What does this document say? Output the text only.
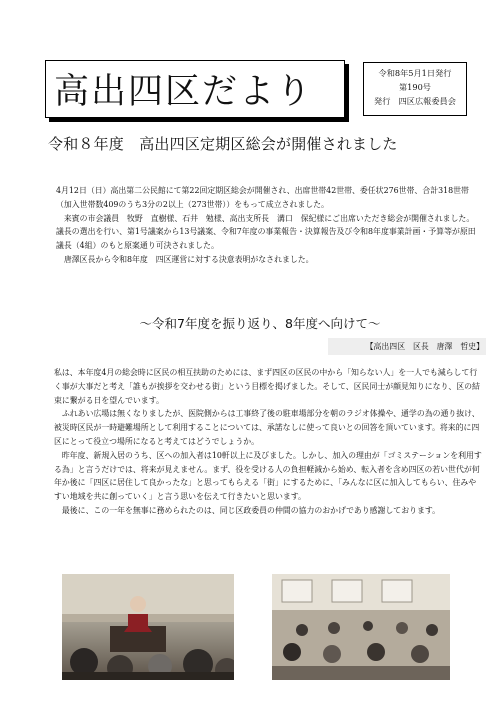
高出四区だより	令和8年5月1日発行
第190号
発行　四区広報委員会
令和８年度　高出四区定期区総会が開催されました

4月12日（日）高出第二公民館にて第22回定期区総会が開催され、出席世帯42世帯、委任状276世帯、合計318世帯（加入世帯数409のうち3分の2以上（273世帯））をもって成立されました。

来賓の市会議員　牧野　直樹様、石井　勉様、高出支所長　溝口　保紀様にご出席いただき総会が開催されました。

議長の選出を行い、第1号議案から13号議案、令和7年度の事業報告・決算報告及び令和8年度事業計画・予算等が原田議長（4組）のもと原案通り可決されました。

唐澤区長から令和8年度　四区運営に対する決意表明がなされました。

～令和7年度を振り返り、8年度へ向けて～
【高出四区　区長　唐澤　哲史】

私は、本年度4月の総会時に区民の相互扶助のためには、まず四区の区民の中から「知らない人」を一人でも減らして行く事が大事だと考え「誰もが挨拶を交わせる街」という目標を掲げました。そして、区民同士が顔見知りになり、区の結束に繋がる日を望んでいます。

ふれあい広場は無くなりましたが、医院側からは工事終了後の駐車場部分を朝のラジオ体操や、通学の為の通り抜け、被災時区民が一時避難場所として利用することについては、承諾なしに使って良いとの回答を頂いています。将来的に四区にとって役立つ場所になると考えてはどうでしょうか。

昨年度、新規入居のうち、区への加入者は10軒以上に及びました。しかし、加入の理由が「ゴミステーションを利用する為」と言うだけでは、将来が見えません。まず、役を受ける人の負担軽減から始め、転入者を含め四区の若い世代が何年か後に「四区に居住して良かったな」と思ってもらえる「街」にするために、「みんなに区に加入してもらい、住みやすい地域を共に創っていく」と言う思いを伝えて行きたいと思います。

最後に、この一年を無事に務められたのは、同じ区政委員の仲間の協力のおかげであり感謝しております。
